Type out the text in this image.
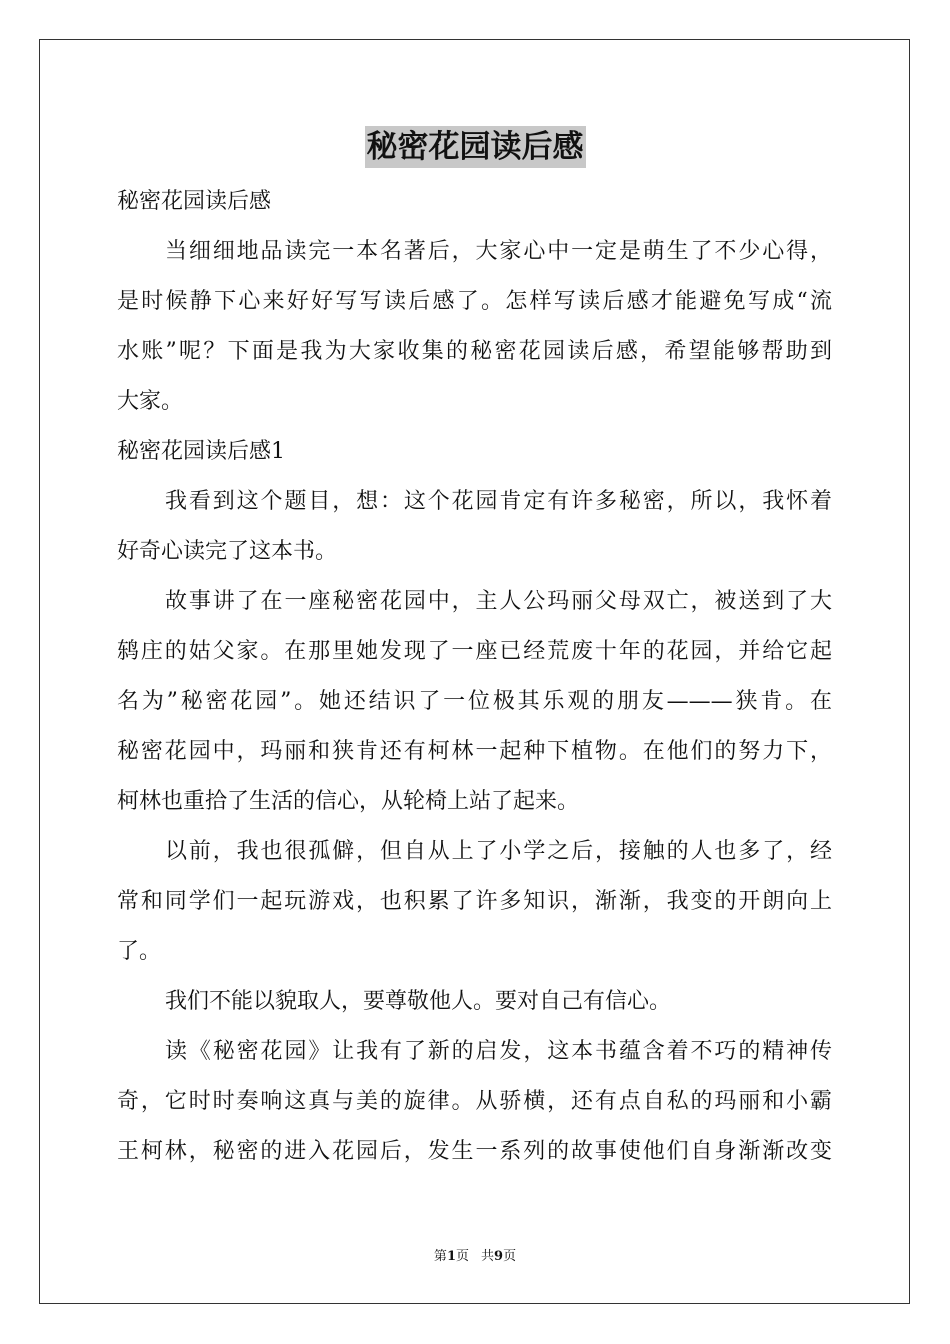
秘密花园读后感
秘密花园读后感
当细细地品读完一本名著后，大家心中一定是萌生了不少心得，
是时候静下心来好好写写读后感了。怎样写读后感才能避免写成“流
水账”呢？下面是我为大家收集的秘密花园读后感，希望能够帮助到
大家。
秘密花园读后感1
我看到这个题目，想：这个花园肯定有许多秘密，所以，我怀着
好奇心读完了这本书。
故事讲了在一座秘密花园中，主人公玛丽父母双亡，被送到了大
鸫庄的姑父家。在那里她发现了一座已经荒废十年的花园，并给它起
名为”秘密花园”。她还结识了一位极其乐观的朋友———狭肯。在
秘密花园中，玛丽和狭肯还有柯林一起种下植物。在他们的努力下，
柯林也重拾了生活的信心，从轮椅上站了起来。
以前，我也很孤僻，但自从上了小学之后，接触的人也多了，经
常和同学们一起玩游戏，也积累了许多知识，渐渐，我变的开朗向上
了。
我们不能以貌取人，要尊敬他人。要对自己有信心。
读《秘密花园》让我有了新的启发，这本书蕴含着不巧的精神传
奇，它时时奏响这真与美的旋律。从骄横，还有点自私的玛丽和小霸
王柯林，秘密的进入花园后，发生一系列的故事使他们自身渐渐改变
第1页 共9页
